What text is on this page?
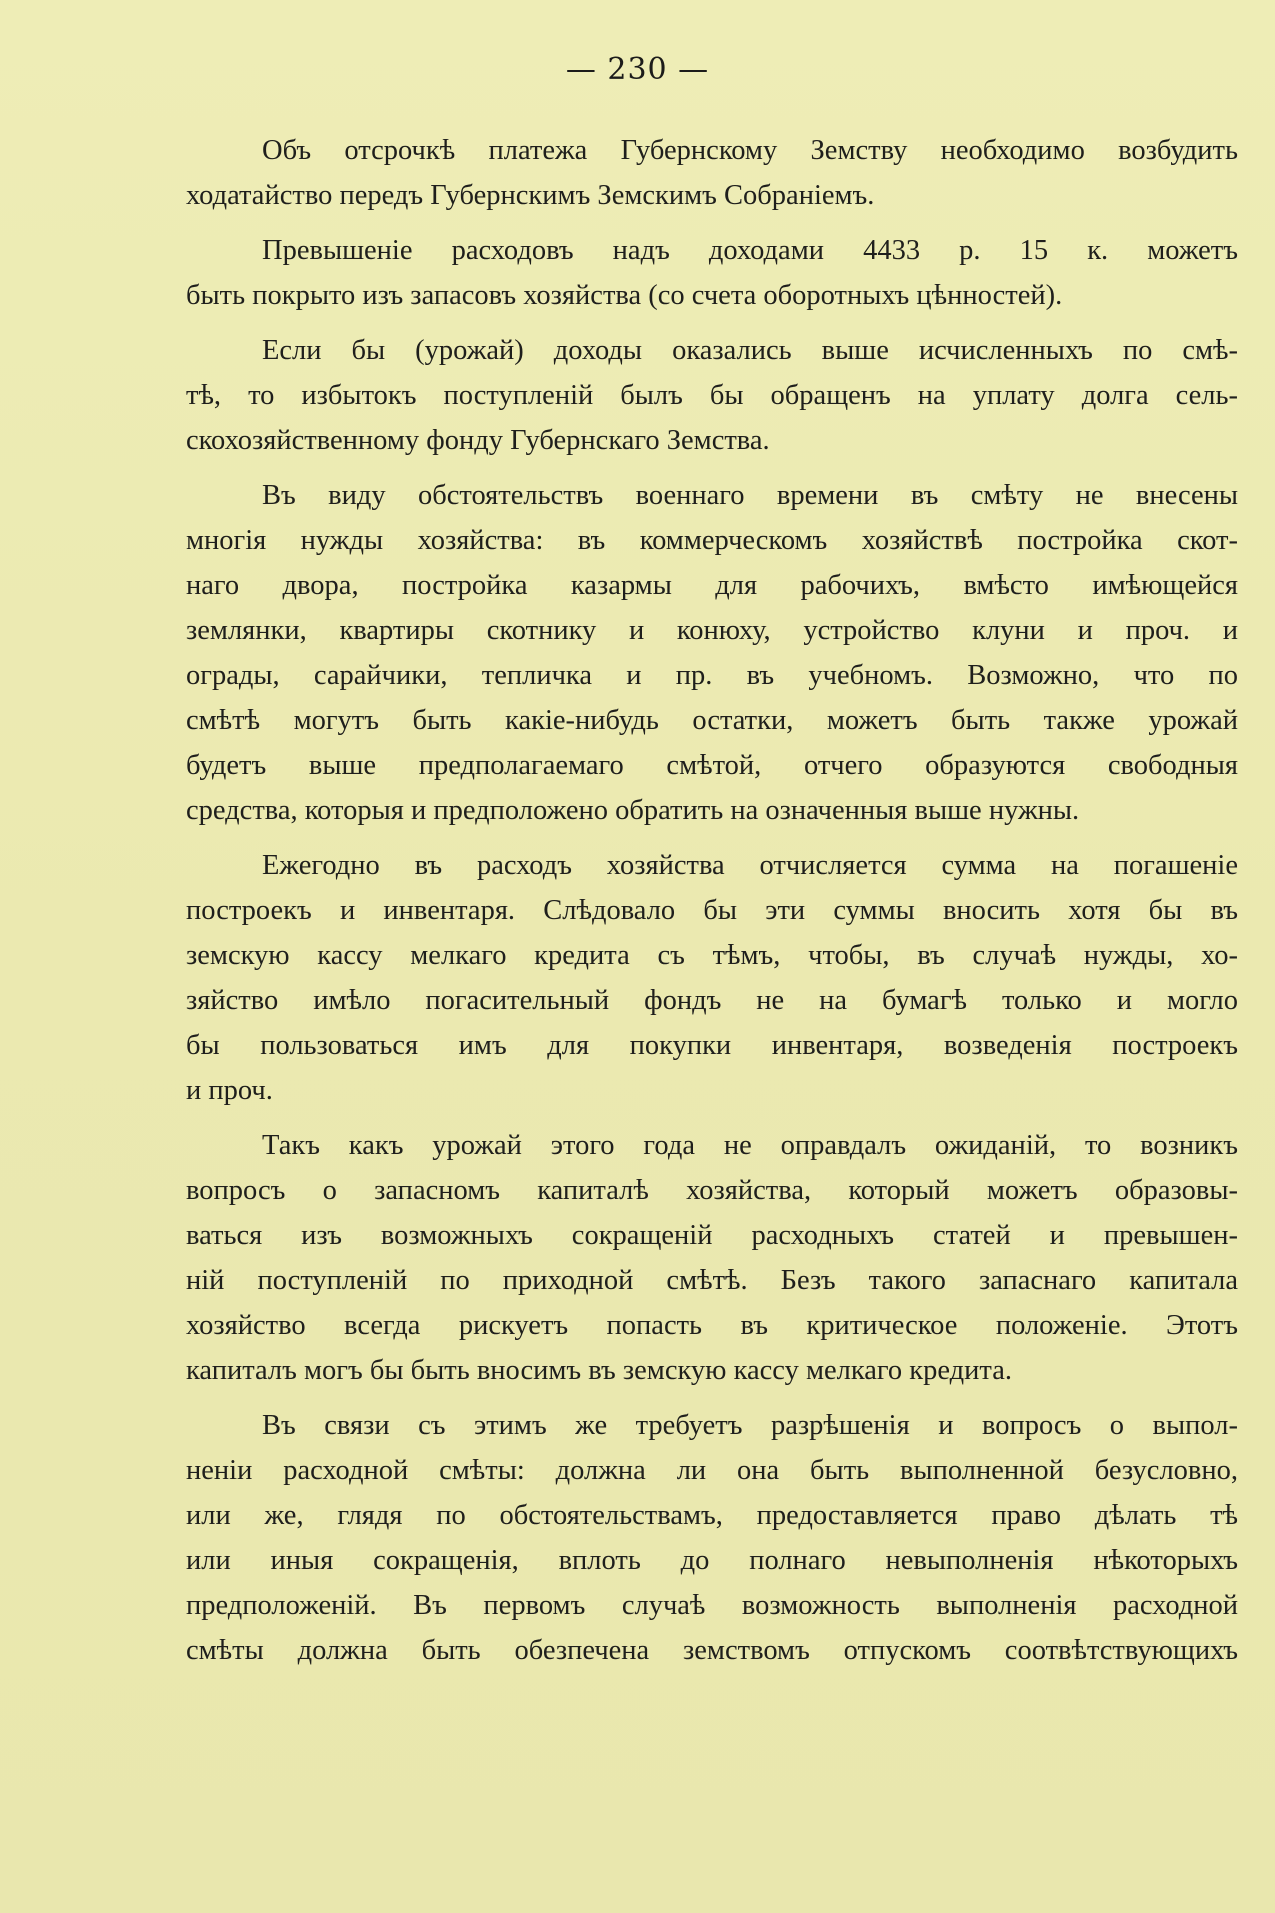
— 230 —
Объ отсрочкѣ платежа Губернскому Земству необходимо возбудить
ходатайство передъ Губернскимъ Земскимъ Собраніемъ.
Превышеніе расходовъ надъ доходами 4433 р. 15 к. можетъ
быть покрыто изъ запасовъ хозяйства (со счета оборотныхъ цѣнностей).
Если бы (урожай) доходы оказались выше исчисленныхъ по смѣ-
тѣ, то избытокъ поступленій былъ бы обращенъ на уплату долга сель-
скохозяйственному фонду Губернскаго Земства.
Въ виду обстоятельствъ военнаго времени въ смѣту не внесены
многія нужды хозяйства: въ коммерческомъ хозяйствѣ постройка скот-
наго двора, постройка казармы для рабочихъ, вмѣсто имѣющейся
землянки, квартиры скотнику и конюху, устройство клуни и проч. и
ограды, сарайчики, тепличка и пр. въ учебномъ. Возможно, что по
смѣтѣ могутъ быть какіе-нибудь остатки, можетъ быть также урожай
будетъ выше предполагаемаго смѣтой, отчего образуются свободныя
средства, которыя и предположено обратить на означенныя выше нужны.
Ежегодно въ расходъ хозяйства отчисляется сумма на погашеніе
построекъ и инвентаря. Слѣдовало бы эти суммы вносить хотя бы въ
земскую кассу мелкаго кредита съ тѣмъ, чтобы, въ случаѣ нужды, хо-
зяйство имѣло погасительный фондъ не на бумагѣ только и могло
бы пользоваться имъ для покупки инвентаря, возведенія построекъ
и проч.
Такъ какъ урожай этого года не оправдалъ ожиданій, то возникъ
вопросъ о запасномъ капиталѣ хозяйства, который можетъ образовы-
ваться изъ возможныхъ сокращеній расходныхъ статей и превышен-
ній поступленій по приходной смѣтѣ. Безъ такого запаснаго капитала
хозяйство всегда рискуетъ попасть въ критическое положеніе. Этотъ
капиталъ могъ бы быть вносимъ въ земскую кассу мелкаго кредита.
Въ связи съ этимъ же требуетъ разрѣшенія и вопросъ о выпол-
неніи расходной смѣты: должна ли она быть выполненной безусловно,
или же, глядя по обстоятельствамъ, предоставляется право дѣлать тѣ
или иныя сокращенія, вплоть до полнаго невыполненія нѣкоторыхъ
предположеній. Въ первомъ случаѣ возможность выполненія расходной
смѣты должна быть обезпечена земствомъ отпускомъ соотвѣтствующихъ
